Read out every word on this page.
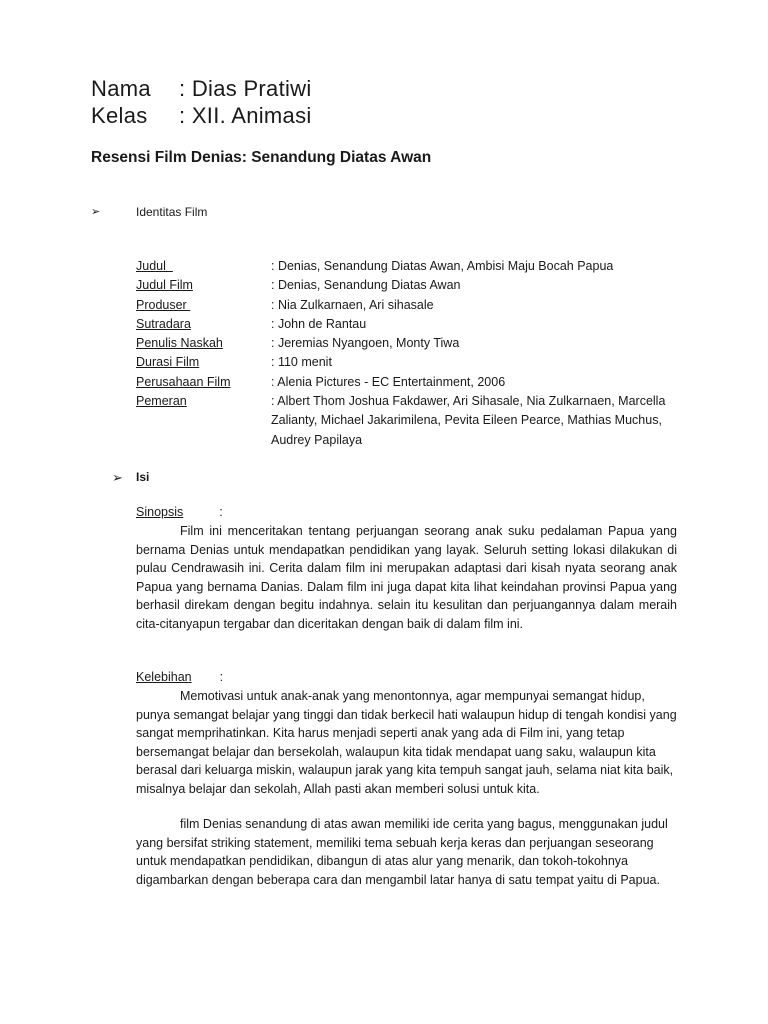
Nama : Dias Pratiwi
Kelas : XII. Animasi
Resensi Film Denias: Senandung Diatas Awan
➢	Identitas Film
Judul	: Denias, Senandung Diatas Awan, Ambisi Maju Bocah Papua
Judul Film	: Denias, Senandung Diatas Awan
Produser	: Nia Zulkarnaen, Ari sihasale
Sutradara	: John de Rantau
Penulis Naskah	: Jeremias Nyangoen, Monty Tiwa
Durasi Film	: 110 menit
Perusahaan Film	: Alenia Pictures - EC Entertainment, 2006
Pemeran	: Albert Thom Joshua Fakdawer, Ari Sihasale, Nia Zulkarnaen, Marcella Zalianty, Michael Jakarimilena, Pevita Eileen Pearce, Mathias Muchus, Audrey Papilaya
➢ Isi
Sinopsis	:
Film ini menceritakan tentang perjuangan seorang anak suku pedalaman Papua yang bernama Denias untuk mendapatkan pendidikan yang layak. Seluruh setting lokasi dilakukan di pulau Cendrawasih ini. Cerita dalam film ini merupakan adaptasi dari kisah nyata seorang anak Papua yang bernama Danias. Dalam film ini juga dapat kita lihat keindahan provinsi Papua yang berhasil direkam dengan begitu indahnya. selain itu kesulitan dan perjuangannya dalam meraih cita-citanyapun tergabar dan diceritakan dengan baik di dalam film ini.
Kelebihan :
Memotivasi untuk anak-anak yang menontonnya, agar mempunyai semangat hidup, punya semangat belajar yang tinggi dan tidak berkecil hati walaupun hidup di tengah kondisi yang sangat memprihatinkan. Kita harus menjadi seperti anak yang ada di Film ini, yang tetap bersemangat belajar dan bersekolah, walaupun kita tidak mendapat uang saku, walaupun kita berasal dari keluarga miskin, walaupun jarak yang kita tempuh sangat jauh, selama niat kita baik, misalnya belajar dan sekolah, Allah pasti akan memberi solusi untuk kita.
film Denias senandung di atas awan memiliki ide cerita yang bagus, menggunakan judul yang bersifat striking statement, memiliki tema sebuah kerja keras dan perjuangan seseorang untuk mendapatkan pendidikan, dibangun di atas alur yang menarik, dan tokoh-tokohnya digambarkan dengan beberapa cara dan mengambil latar hanya di satu tempat yaitu di Papua.
